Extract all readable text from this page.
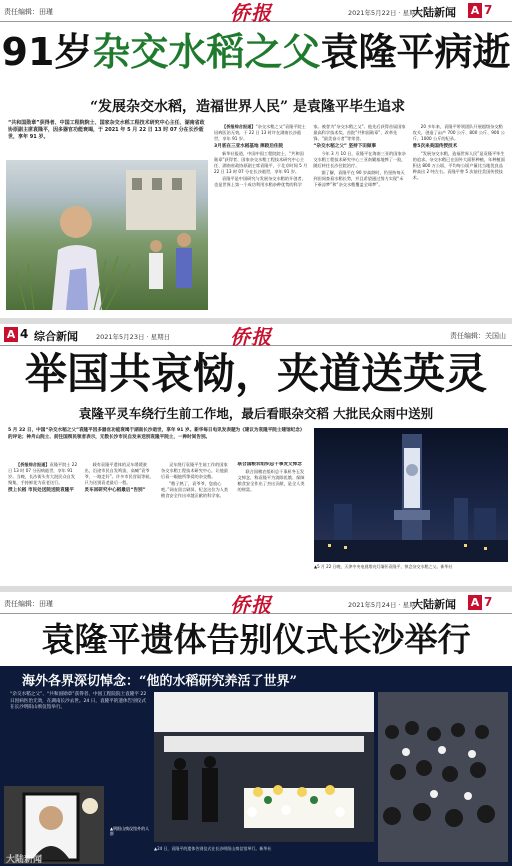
责任编辑：田瑾	侨报	2021年5月22日 · 星期六
大陆新闻 A 7
91岁杂交水稻之父袁隆平病逝
“发展杂交水稻，造福世界人民” 是袁隆平毕生追求
“共和国勋章”获得者、中国工程院院士、国家杂交水稻工程技术研究中心主任、湖南省政协原副主席袁隆平，因多器官功能衰竭，于 2021 年 5 月 22 日 13 时 07 分在长沙逝世，享年 91 岁。

【侨报综合报道】“杂交水稻之父”袁隆平院士因病医治无效，于 22 日 13 时许在湖南长沙逝世，享年 91 岁。

3月底在三亚水稻基地 摔跤后住院

新华社报道，中国中国工程院院士、“共和国勋章”获得者、国家杂交水稻工程技术研究中心主任、湖南省政协原副主席袁隆平，于北京时间 5 月 22 日 13 时 07 分在长沙逝世，享年 91 岁。

袁隆平是中国研究与发展杂交水稻的开创者，也是世界上第一个成功利用水稻杂种优势的科学家。被誉为“杂交水稻之父”。他先后获得首届国家最高科学技术奖、首批“共和国勋章”、改革先锋、“最美奋斗者”等荣誉。

“杂交水稻之父” 坚持下田做事

今年 3 月 10 日，袁隆平在海南三亚的国家杂交水稻工程技术研究中心三亚南繁基地摔了一跤，随后转往长沙住院治疗。

据了解，袁隆平在 90 岁高龄时，仍坚持每天到田间查看水稻长势，并且希望通过努力实现“禾下乘凉梦”和“杂交水稻覆盖全球梦”。

20 多年来，袁隆平带领团队开展超级杂交稻攻关，创造了亩产 700 公斤、800 公斤、900 公斤、1000 公斤的纪录。

曾5次来美国传授技术

“发展杂交水稻，造福世界人民”是袁隆平毕生的追求。杂交水稻已在国外大面积种植，年种植面积达 800 万公顷，平均每公顷产量比当地优良品种高出 2 吨左右。袁隆平曾 5 次前往美国传授技术。

A 4 综合新闻	2021年5月23日 · 星期日	侨报	责任编辑：关国山
举国共哀恸，夹道送英灵
袁隆平灵车绕行生前工作地，最后看眼杂交稻 大批民众雨中送别
5 月 22 日，中国“杂交水稻之父”袁隆平因多器官功能衰竭于湖南长沙逝世，享年 91 岁。新华每日电讯发表题为《建议为袁隆平院士建馆纪念》的评论；神舟山院士、前往国殡民领者表示，无数长沙市民自发来送别袁隆平院士，一种时间告别。

【侨报综合报道】袁隆平院士 22 日 13 时 07 分因病逝世，享年 91 岁。当晚，长沙街头有大批民众自发聚集，手持鲜花为袁老送行。

授上长稻 市民处送院送院袁隆平

载有袁隆平遗体的灵车缓缓驶出，沿途市民自发鸣笛，高喊“袁爷爷，一路走好”。许多市民冒雨等候，只为送别袁老最后一程。

灵车回研究中心稻最后“告别”

灵车绕行袁隆平生前工作的国家杂交水稻工程技术研究中心，让他最后看一眼他所挚爱的杂交稻。

“稻子熟了，袁爷爷，您放心吧。”网友留言刷屏，纪念这位为人类粮食安全作出卓越贡献的科学家。

联合国粮农组织总干事发文悼念

联合国粮农组织总干事屈冬玉发文悼念，称袁隆平为消除饥饿、保障粮食安全作出了杰出贡献，是全人类的财富。

▲5 月 22 日晚，天津中央电视塔亮灯缅怀袁隆平，悼念杂交水稻之父。新华社
责任编辑：田瑾	侨报	2021年5月24日 · 星期一
大陆新闻 A 7
袁隆平遗体告别仪式长沙举行
海外各界深切悼念：“他的水稻研究养活了世界”
“杂交水稻之父”、“共和国勋章”获得者、中国工程院院士袁隆平 22 日因病医治无效，在湖南长沙去世。24 日，袁隆平的遗体告别仪式在长沙明阳山殡仪馆举行。
▲明阳山殡仪馆外的人群
▲24 日，袁隆平的遗体告别仪式在长沙明阳山殡仪馆举行。新华社
大陆新闻
